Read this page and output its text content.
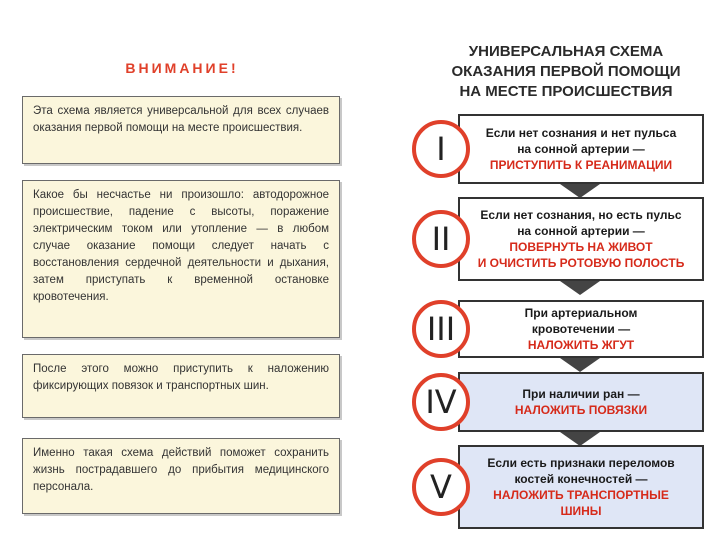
ВНИМАНИЕ!
Эта схема является универсальной для всех случаев оказания первой помощи на месте происшествия.
Какое бы несчастье ни произошло: автодорожное происшествие, падение с высоты, поражение электрическим током или утопление — в любом случае оказание помощи следует начать с восстановления сердечной деятельности и дыхания, затем приступать к временной остановке кровотечения.
После этого можно приступить к наложению фиксирующих повязок и транспортных шин.
Именно такая схема действий поможет сохранить жизнь пострадавшего до прибытия медицинского персонала.
УНИВЕРСАЛЬНАЯ СХЕМА
ОКАЗАНИЯ ПЕРВОЙ ПОМОЩИ
НА МЕСТЕ ПРОИСШЕСТВИЯ
Если нет сознания и нет пульса
на сонной артерии —
ПРИСТУПИТЬ К РЕАНИМАЦИИ
I
Если нет сознания, но есть пульс
на сонной артерии —
ПОВЕРНУТЬ НА ЖИВОТ
И ОЧИСТИТЬ РОТОВУЮ ПОЛОСТЬ
II
При артериальном
кровотечении —
НАЛОЖИТЬ ЖГУТ
III
При наличии ран —
НАЛОЖИТЬ ПОВЯЗКИ
IV
Если есть признаки переломов
костей конечностей —
НАЛОЖИТЬ ТРАНСПОРТНЫЕ
ШИНЫ
V
